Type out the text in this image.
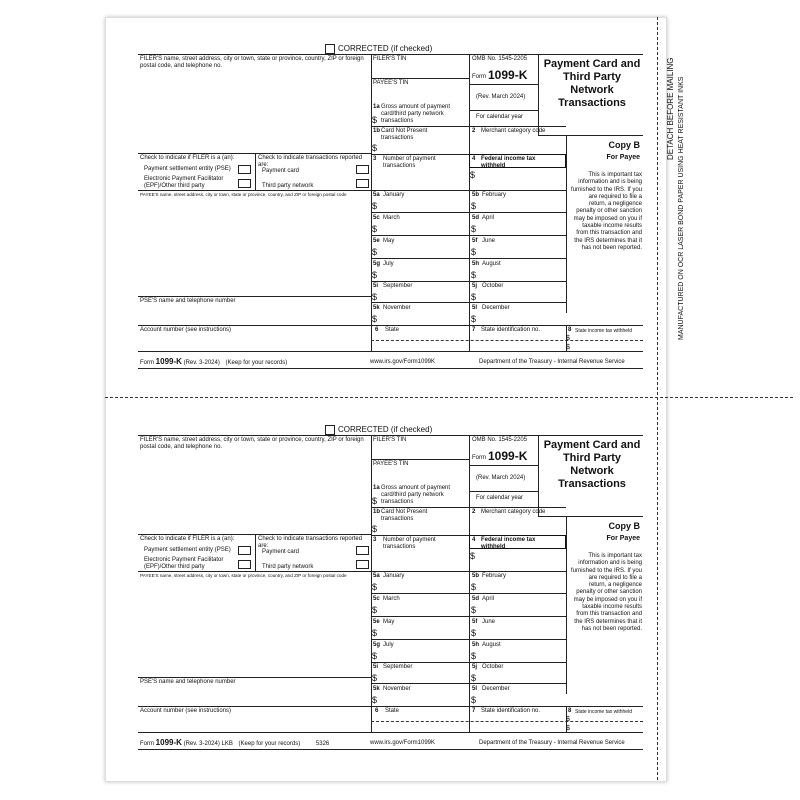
DETACH BEFORE MAILING MANUFACTURED ON OCR LASER BOND PAPER USING HEAT RESISTANT INKS
CORRECTED (if checked)
FILER'S name, street address, city or town, state or province, country, ZIP or foreign postal code, and telephone no.
Check to indicate if FILER is a (an):
Payment settlement entity (PSE)
Electronic Payment Facilitator (EPF)/Other third party
Check to indicate transactions reported are:
Payment card
Third party network
PAYEE'S name, street address, city or town, state or province, country, and ZIP or foreign postal code
PSE'S name and telephone number
Account number (see instructions)
FILER'S TIN
PAYEE'S TIN
1a Gross amount of payment card/third party network transactions
$
OMB No. 1545-2205
Form 1099-K
(Rev. March 2024)
For calendar year
Payment Card and Third Party Network Transactions
1b Card Not Present transactions
$
2 Merchant category code
3 Number of payment transactions
4 Federal income tax withheld
$
Copy B
For Payee
This is important tax information and is being furnished to the IRS. If you are required to file a return, a negligence penalty or other sanction may be imposed on you if taxable income results from this transaction and the IRS determines that it has not been reported.
5a January
$
5b February
$
5c March
$
5d April
$
5e May
$
5f June
$
5g July
$
5h August
$
5i September
$
5j October
$
5k November
$
5l December
$
6 State	7 State identification no.	8 State income tax withheld
$
$
Form 1099-K (Rev. 3-2024) (Keep for your records)	www.irs.gov/Form1099K	Department of the Treasury - Internal Revenue Service
CORRECTED (if checked)
FILER'S name, street address, city or town, state or province, country, ZIP or foreign postal code, and telephone no.
Check to indicate if FILER is a (an):
Payment settlement entity (PSE)
Electronic Payment Facilitator (EPF)/Other third party
Check to indicate transactions reported are:
Payment card
Third party network
PAYEE'S name, street address, city or town, state or province, country, and ZIP or foreign postal code
PSE'S name and telephone number
Account number (see instructions)
FILER'S TIN
PAYEE'S TIN
1a Gross amount of payment card/third party network transactions
$
OMB No. 1545-2205
Form 1099-K
(Rev. March 2024)
For calendar year
Payment Card and Third Party Network Transactions
1b Card Not Present transactions
$
2 Merchant category code
3 Number of payment transactions
4 Federal income tax withheld
$
Copy B
For Payee
This is important tax information and is being furnished to the IRS. If you are required to file a return, a negligence penalty or other sanction may be imposed on you if taxable income results from this transaction and the IRS determines that it has not been reported.
5a January
$
5b February
$
5c March
$
5d April
$
5e May
$
5f June
$
5g July
$
5h August
$
5i September
$
5j October
$
5k November
$
5l December
$
6 State	7 State identification no.	8 State income tax withheld
$
$
Form 1099-K (Rev. 3-2024) LKB (Keep for your records)	5326	www.irs.gov/Form1099K	Department of the Treasury - Internal Revenue Service
